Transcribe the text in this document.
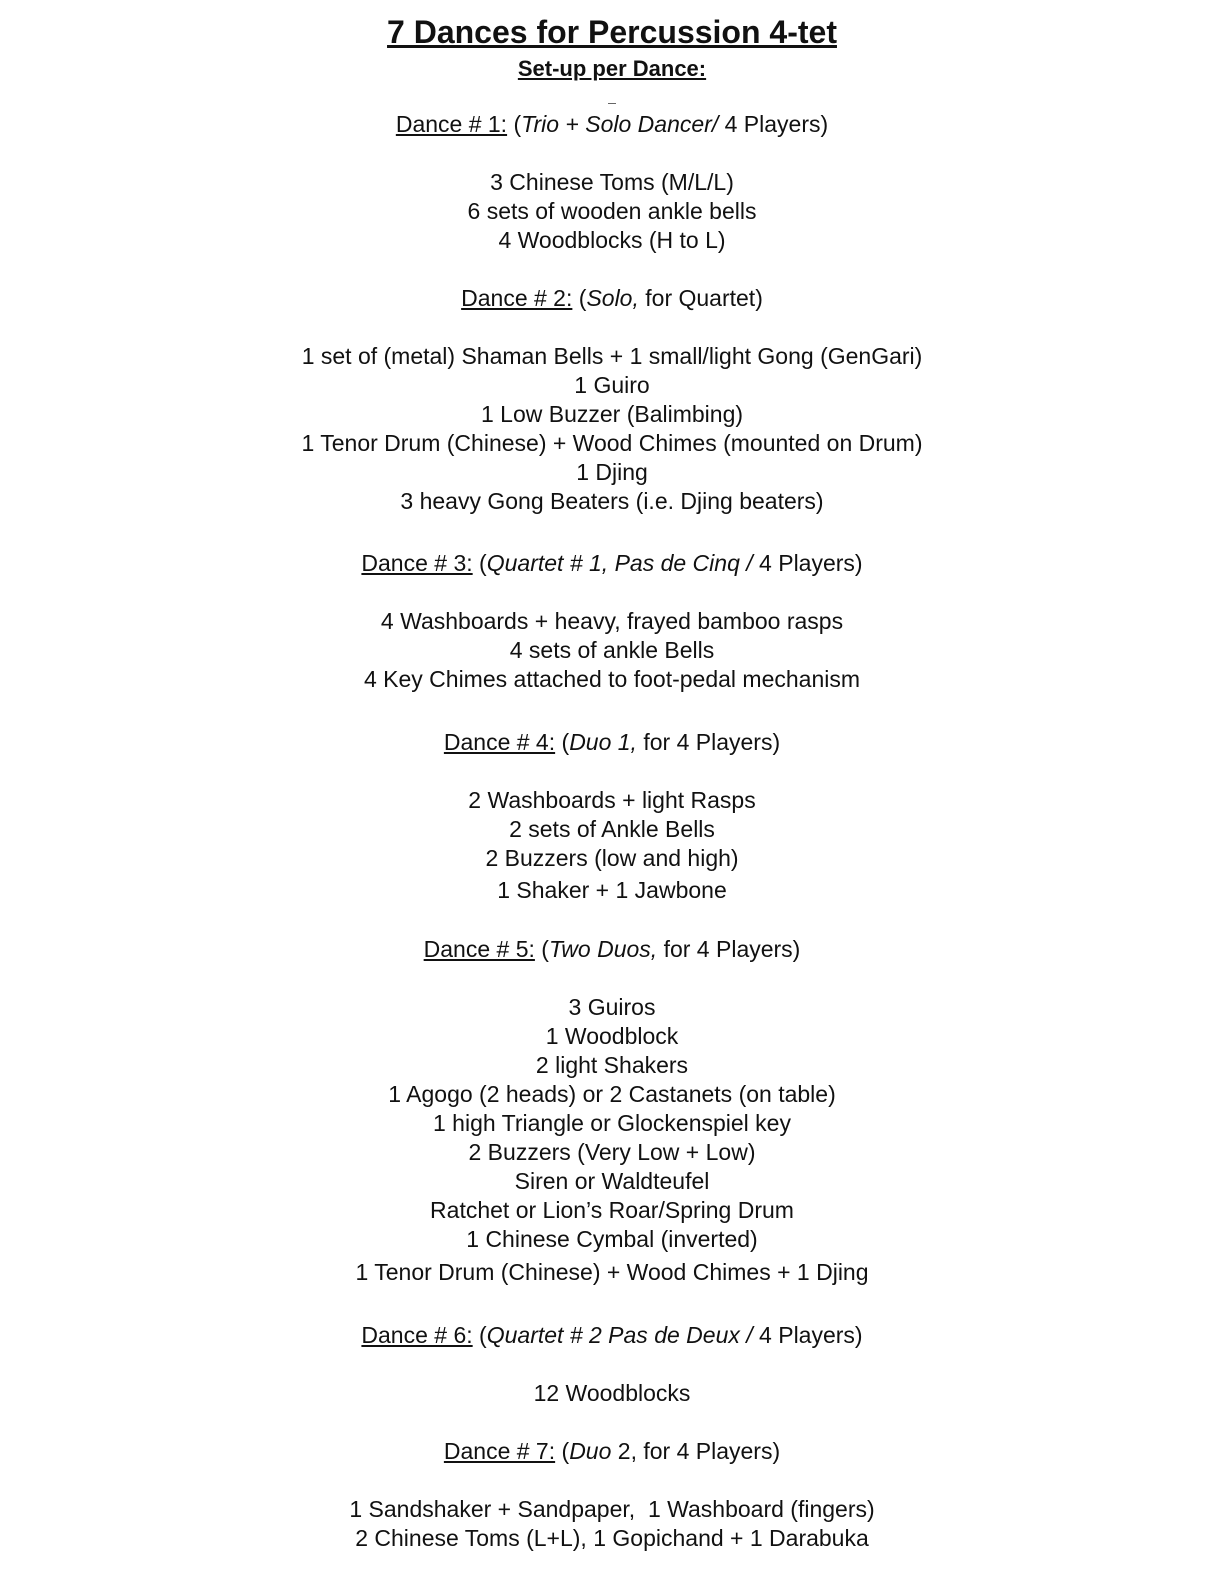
7 Dances for Percussion 4-tet
Set-up per Dance:
Dance # 1: (Trio + Solo Dancer/ 4 Players)
3 Chinese Toms (M/L/L)
6 sets of wooden ankle bells
4 Woodblocks (H to L)
Dance # 2: (Solo, for Quartet)
1 set of (metal) Shaman Bells + 1 small/light Gong (GenGari)
1 Guiro
1 Low Buzzer (Balimbing)
1 Tenor Drum (Chinese) + Wood Chimes (mounted on Drum)
1 Djing
3 heavy Gong Beaters (i.e. Djing beaters)
Dance # 3: (Quartet # 1, Pas de Cinq / 4 Players)
4 Washboards + heavy, frayed bamboo rasps
4 sets of ankle Bells
4 Key Chimes attached to foot-pedal mechanism
Dance # 4: (Duo 1, for 4 Players)
2 Washboards + light Rasps
2 sets of Ankle Bells
2 Buzzers (low and high)
1 Shaker + 1 Jawbone
Dance # 5: (Two Duos, for 4 Players)
3 Guiros
1 Woodblock
2 light Shakers
1 Agogo (2 heads) or 2 Castanets (on table)
1 high Triangle or Glockenspiel key
2 Buzzers (Very Low + Low)
Siren or Waldteufel
Ratchet or Lion’s Roar/Spring Drum
1 Chinese Cymbal (inverted)
1 Tenor Drum (Chinese) + Wood Chimes + 1 Djing
Dance # 6: (Quartet # 2 Pas de Deux / 4 Players)
12 Woodblocks
Dance # 7: (Duo 2, for 4 Players)
1 Sandshaker + Sandpaper,  1 Washboard (fingers)
2 Chinese Toms (L+L), 1 Gopichand + 1 Darabuka
